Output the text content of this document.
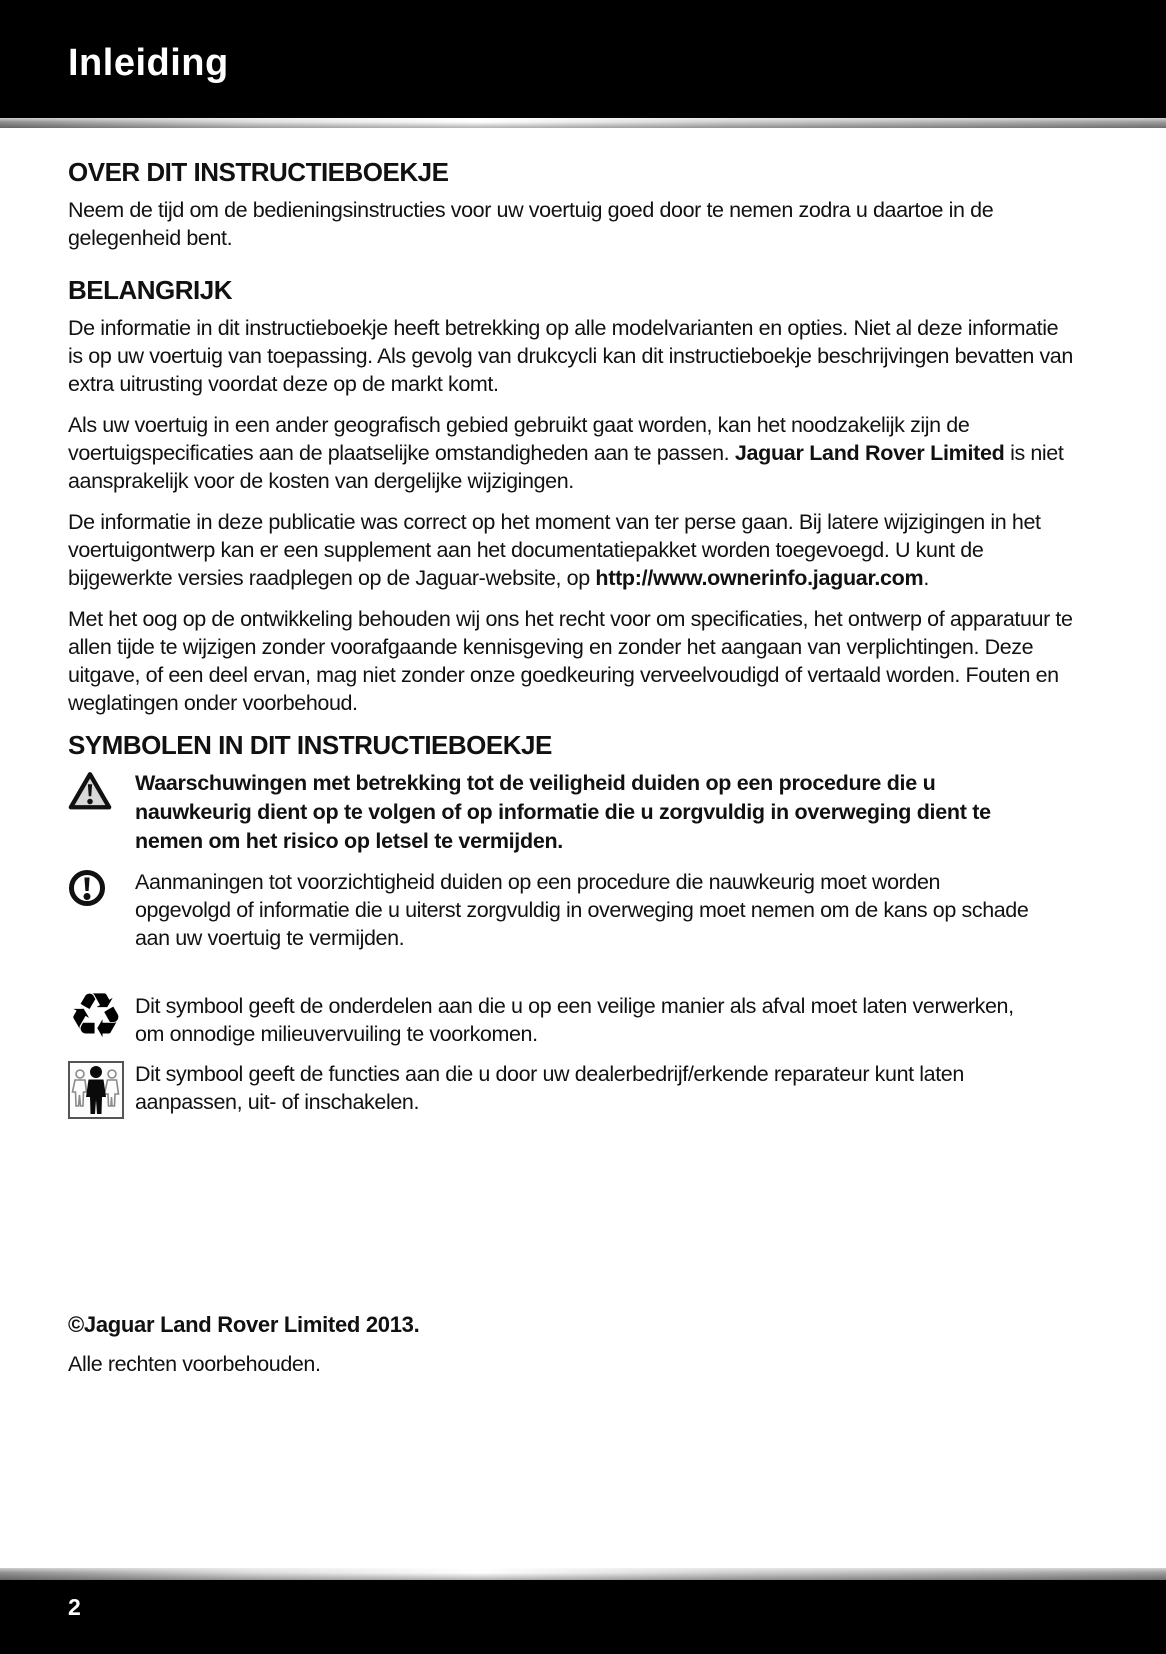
Inleiding
OVER DIT INSTRUCTIEBOEKJE

Neem de tijd om de bedieningsinstructies voor uw voertuig goed door te nemen zodra u daartoe in de gelegenheid bent.

BELANGRIJK

De informatie in dit instructieboekje heeft betrekking op alle modelvarianten en opties. Niet al deze informatie is op uw voertuig van toepassing. Als gevolg van drukcycli kan dit instructieboekje beschrijvingen bevatten van extra uitrusting voordat deze op de markt komt.

Als uw voertuig in een ander geografisch gebied gebruikt gaat worden, kan het noodzakelijk zijn de voertuigspecificaties aan de plaatselijke omstandigheden aan te passen. Jaguar Land Rover Limited is niet aansprakelijk voor de kosten van dergelijke wijzigingen.

De informatie in deze publicatie was correct op het moment van ter perse gaan. Bij latere wijzigingen in het voertuigontwerp kan er een supplement aan het documentatiepakket worden toegevoegd. U kunt de bijgewerkte versies raadplegen op de Jaguar-website, op http://www.ownerinfo.jaguar.com.

Met het oog op de ontwikkeling behouden wij ons het recht voor om specificaties, het ontwerp of apparatuur te allen tijde te wijzigen zonder voorafgaande kennisgeving en zonder het aangaan van verplichtingen. Deze uitgave, of een deel ervan, mag niet zonder onze goedkeuring verveelvoudigd of vertaald worden. Fouten en weglatingen onder voorbehoud.

SYMBOLEN IN DIT INSTRUCTIEBOEKJE

Waarschuwingen met betrekking tot de veiligheid duiden op een procedure die u nauwkeurig dient op te volgen of op informatie die u zorgvuldig in overweging dient te nemen om het risico op letsel te vermijden.

Aanmaningen tot voorzichtigheid duiden op een procedure die nauwkeurig moet worden opgevolgd of informatie die u uiterst zorgvuldig in overweging moet nemen om de kans op schade aan uw voertuig te vermijden.

♻ Dit symbool geeft de onderdelen aan die u op een veilige manier als afval moet laten verwerken, om onnodige milieuvervuiling te voorkomen.

Dit symbool geeft de functies aan die u door uw dealerbedrijf/erkende reparateur kunt laten aanpassen, uit- of inschakelen.

©Jaguar Land Rover Limited 2013.

Alle rechten voorbehouden.

2
